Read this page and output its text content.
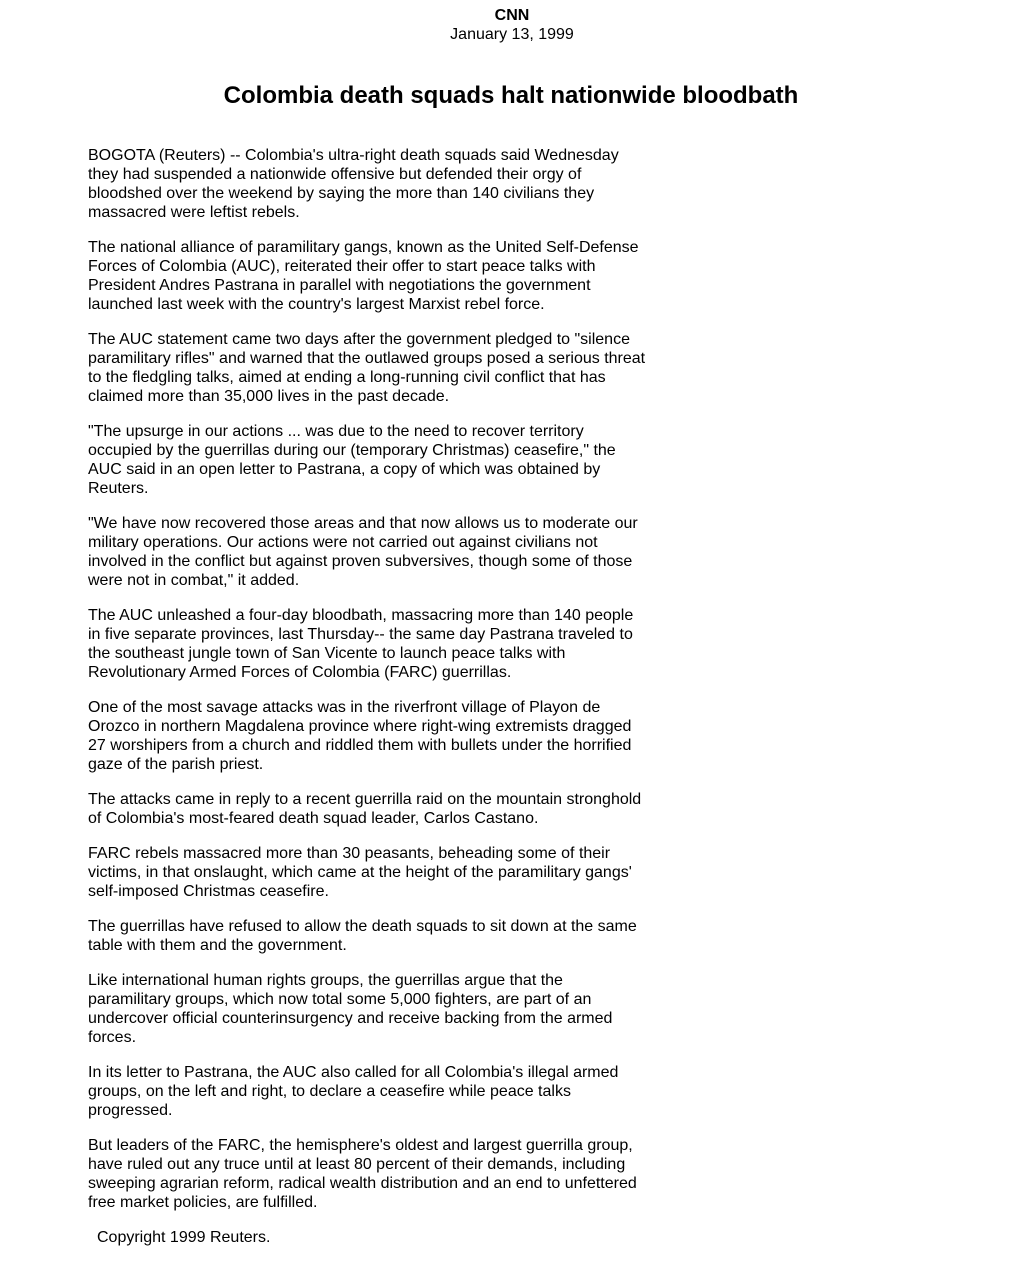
CNN
January 13, 1999
Colombia death squads halt nationwide bloodbath

BOGOTA (Reuters) -- Colombia's ultra-right death squads said Wednesday they had suspended a nationwide offensive but defended their orgy of bloodshed over the weekend by saying the more than 140 civilians they massacred were leftist rebels.

The national alliance of paramilitary gangs, known as the United Self-Defense Forces of Colombia (AUC), reiterated their offer to start peace talks with President Andres Pastrana in parallel with negotiations the government launched last week with the country's largest Marxist rebel force.

The AUC statement came two days after the government pledged to "silence paramilitary rifles" and warned that the outlawed groups posed a serious threat to the fledgling talks, aimed at ending a long-running civil conflict that has claimed more than 35,000 lives in the past decade.

"The upsurge in our actions ... was due to the need to recover territory occupied by the guerrillas during our (temporary Christmas) ceasefire," the AUC said in an open letter to Pastrana, a copy of which was obtained by Reuters.

"We have now recovered those areas and that now allows us to moderate our military operations. Our actions were not carried out against civilians not involved in the conflict but against proven subversives, though some of those were not in combat," it added.

The AUC unleashed a four-day bloodbath, massacring more than 140 people in five separate provinces, last Thursday-- the same day Pastrana traveled to the southeast jungle town of San Vicente to launch peace talks with Revolutionary Armed Forces of Colombia (FARC) guerrillas.

One of the most savage attacks was in the riverfront village of Playon de Orozco in northern Magdalena province where right-wing extremists dragged 27 worshipers from a church and riddled them with bullets under the horrified gaze of the parish priest.

The attacks came in reply to a recent guerrilla raid on the mountain stronghold of Colombia's most-feared death squad leader, Carlos Castano.

FARC rebels massacred more than 30 peasants, beheading some of their victims, in that onslaught, which came at the height of the paramilitary gangs' self-imposed Christmas ceasefire.

The guerrillas have refused to allow the death squads to sit down at the same table with them and the government.

Like international human rights groups, the guerrillas argue that the paramilitary groups, which now total some 5,000 fighters, are part of an undercover official counterinsurgency and receive backing from the armed forces.

In its letter to Pastrana, the AUC also called for all Colombia's illegal armed groups, on the left and right, to declare a ceasefire while peace talks progressed.

But leaders of the FARC, the hemisphere's oldest and largest guerrilla group, have ruled out any truce until at least 80 percent of their demands, including sweeping agrarian reform, radical wealth distribution and an end to unfettered free market policies, are fulfilled.

Copyright 1999 Reuters.
